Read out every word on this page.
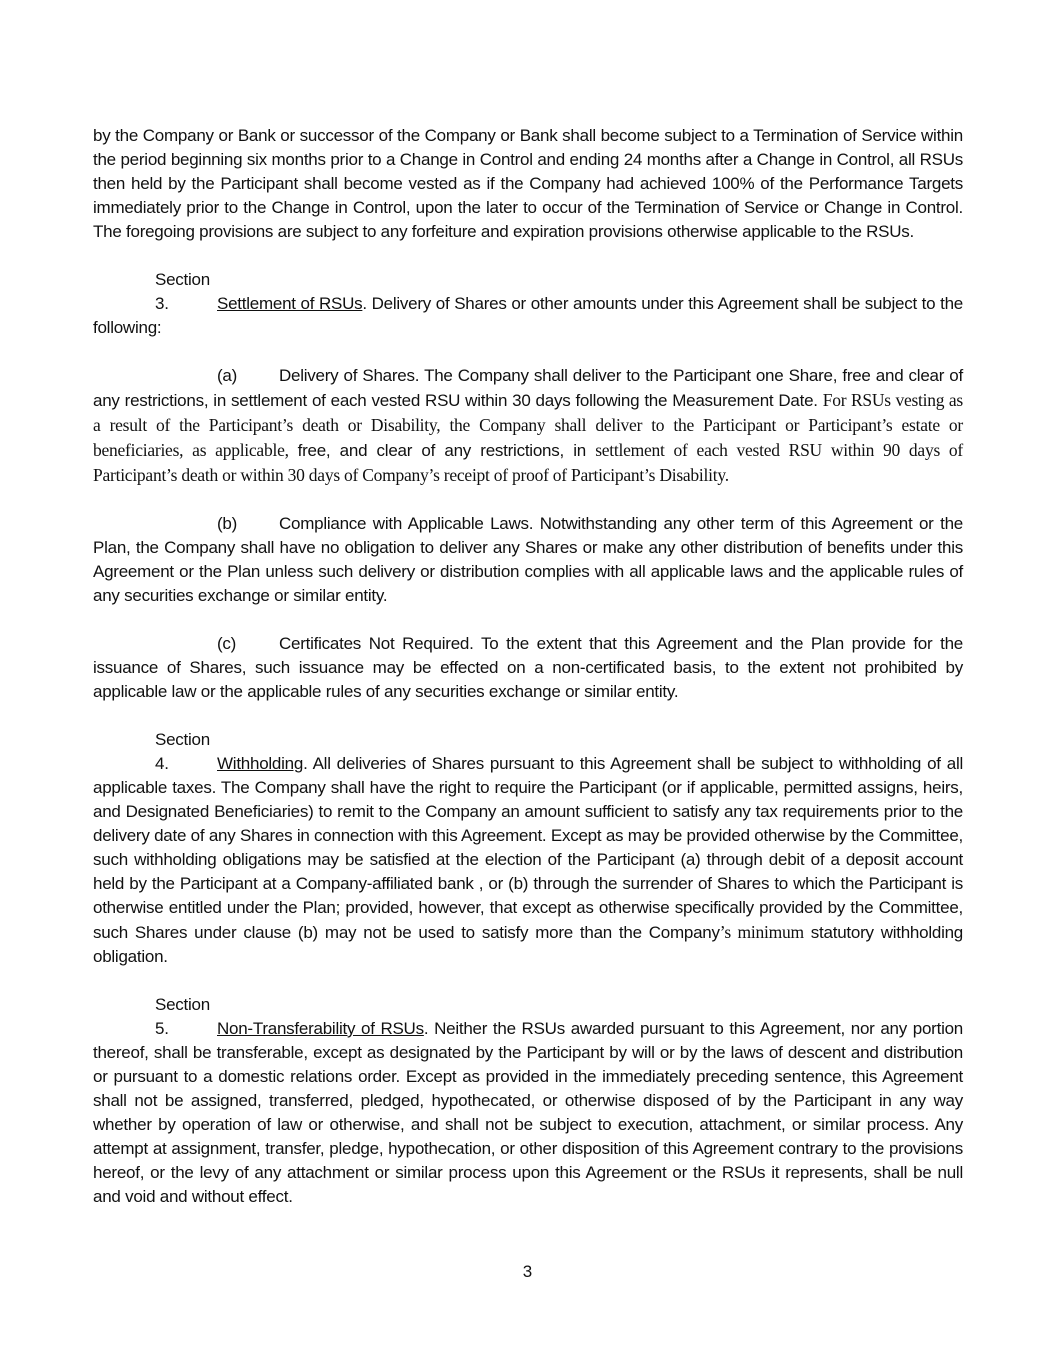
by the Company or Bank or successor of the Company or Bank shall become subject to a Termination of Service within the period beginning six months prior to a Change in Control and ending 24 months after a Change in Control, all RSUs then held by the Participant shall become vested as if the Company had achieved 100% of the Performance Targets immediately prior to the Change in Control, upon the later to occur of the Termination of Service or Change in Control. The foregoing provisions are subject to any forfeiture and expiration provisions otherwise applicable to the RSUs.

Section 3.	Settlement of RSUs. Delivery of Shares or other amounts under this Agreement shall be subject to the following:

(a) Delivery of Shares. The Company shall deliver to the Participant one Share, free and clear of any restrictions, in settlement of each vested RSU within 30 days following the Measurement Date. For RSUs vesting as a result of the Participant’s death or Disability, the Company shall deliver to the Participant or Participant’s estate or beneficiaries, as applicable, free, and clear of any restrictions, in settlement of each vested RSU within 90 days of Participant’s death or within 30 days of Company’s receipt of proof of Participant’s Disability.

(b) Compliance with Applicable Laws. Notwithstanding any other term of this Agreement or the Plan, the Company shall have no obligation to deliver any Shares or make any other distribution of benefits under this Agreement or the Plan unless such delivery or distribution complies with all applicable laws and the applicable rules of any securities exchange or similar entity.

(c)	Certificates Not Required. To the extent that this Agreement and the Plan provide for the issuance of Shares, such issuance may be effected on a non-certificated basis, to the extent not prohibited by applicable law or the applicable rules of any securities exchange or similar entity.

Section 4.	Withholding. All deliveries of Shares pursuant to this Agreement shall be subject to withholding of all applicable taxes. The Company shall have the right to require the Participant (or if applicable, permitted assigns, heirs, and Designated Beneficiaries) to remit to the Company an amount sufficient to satisfy any tax requirements prior to the delivery date of any Shares in connection with this Agreement. Except as may be provided otherwise by the Committee, such withholding obligations may be satisfied at the election of the Participant (a) through debit of a deposit account held by the Participant at a Company-affiliated bank , or (b) through the surrender of Shares to which the Participant is otherwise entitled under the Plan; provided, however, that except as otherwise specifically provided by the Committee, such Shares under clause (b) may not be used to satisfy more than the Company’s minimum statutory withholding obligation.

Section 5.	Non-Transferability of RSUs. Neither the RSUs awarded pursuant to this Agreement, nor any portion thereof, shall be transferable, except as designated by the Participant by will or by the laws of descent and distribution or pursuant to a domestic relations order. Except as provided in the immediately preceding sentence, this Agreement shall not be assigned, transferred, pledged, hypothecated, or otherwise disposed of by the Participant in any way whether by operation of law or otherwise, and shall not be subject to execution, attachment, or similar process. Any attempt at assignment, transfer, pledge, hypothecation, or other disposition of this Agreement contrary to the provisions hereof, or the levy of any attachment or similar process upon this Agreement or the RSUs it represents, shall be null and void and without effect.

3
